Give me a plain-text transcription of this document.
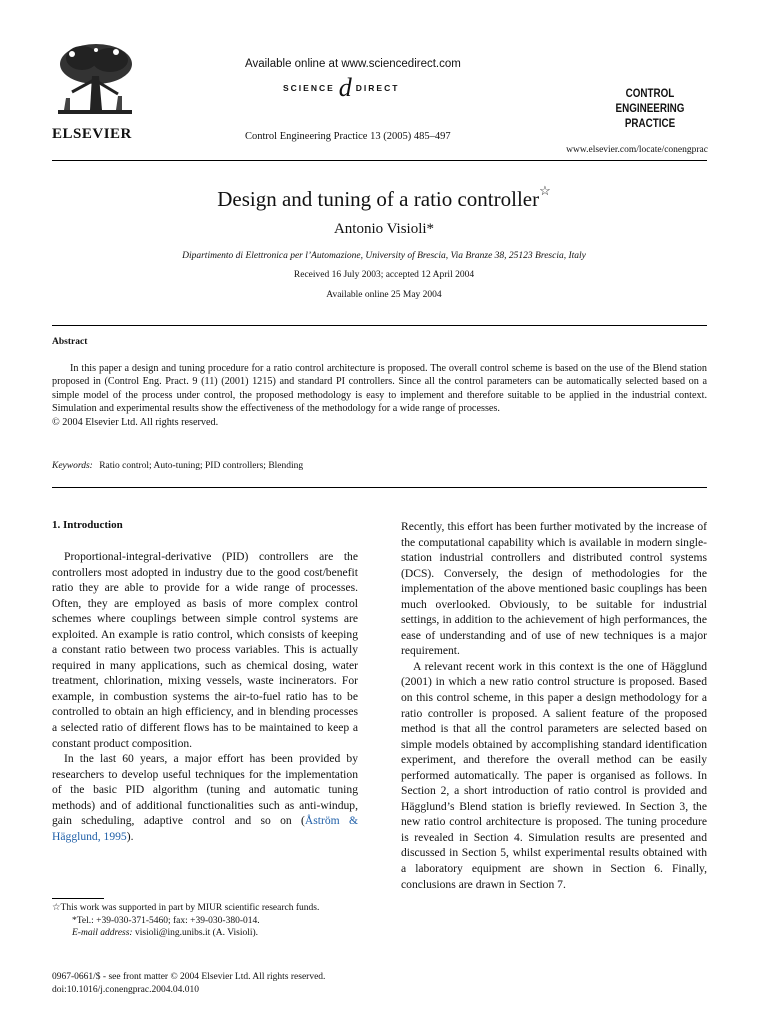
ELSEVIER
Available online at www.sciencedirect.com
SCIENCE d DIRECT
Control Engineering Practice 13 (2005) 485–497
CONTROL ENGINEERING
PRACTICE
www.elsevier.com/locate/conengprac
Design and tuning of a ratio controller☆
Antonio Visioli*
Dipartimento di Elettronica per l’Automazione, University of Brescia, Via Branze 38, 25123 Brescia, Italy
Received 16 July 2003; accepted 12 April 2004
Available online 25 May 2004
Abstract

In this paper a design and tuning procedure for a ratio control architecture is proposed. The overall control scheme is based on the use of the Blend station proposed in (Control Eng. Pract. 9 (11) (2001) 1215) and standard PI controllers. Since all the control parameters can be automatically selected based on a simple model of the process under control, the proposed methodology is easy to implement and therefore suitable to be applied in the industrial context. Simulation and experimental results show the effectiveness of the methodology for a wide range of processes.

© 2004 Elsevier Ltd. All rights reserved.

Keywords: Ratio control; Auto-tuning; PID controllers; Blending
1. Introduction

Proportional-integral-derivative (PID) controllers are the controllers most adopted in industry due to the good cost/benefit ratio they are able to provide for a wide range of processes. Often, they are employed as basis of more complex control schemes where couplings between simple control systems are exploited. An example is ratio control, which consists of keeping a constant ratio between two process variables. This is actually required in many applications, such as chemical dosing, water treatment, chlorination, mixing vessels, waste incinerators. For example, in combustion systems the air-to-fuel ratio has to be controlled to obtain an high efficiency, and in blending processes a selected ratio of different flows has to be maintained to keep a constant product composition.

In the last 60 years, a major effort has been provided by researchers to develop useful techniques for the implementation of the basic PID algorithm (tuning and automatic tuning methods) and of additional functionalities such as anti-windup, gain scheduling, adaptive control and so on (Åström & Hägglund, 1995).

Recently, this effort has been further motivated by the increase of the computational capability which is available in modern single-station industrial controllers and distributed control systems (DCS). Conversely, the design of methodologies for the implementation of the above mentioned basic couplings has been much overlooked. Obviously, to be suitable for industrial settings, in addition to the achievement of high performances, the ease of understanding and of use of new techniques is a major requirement.

A relevant recent work in this context is the one of Hägglund (2001) in which a new ratio control structure is proposed. Based on this control scheme, in this paper a design methodology for a ratio controller is proposed. A salient feature of the proposed method is that all the control parameters are selected based on simple models obtained by accomplishing standard identification experiment, and therefore the overall method can be easily performed automatically. The paper is organised as follows. In Section 2, a short introduction of ratio control is provided and Hägglund’s Blend station is briefly reviewed. In Section 3, the new ratio control architecture is proposed. The tuning procedure is revealed in Section 4. Simulation results are presented and discussed in Section 5, whilst experimental results obtained with a laboratory equipment are shown in Section 6. Finally, conclusions are drawn in Section 7.

☆This work was supported in part by MIUR scientific research funds.

*Tel.: +39-030-371-5460; fax: +39-030-380-014.

E-mail address: visioli@ing.unibs.it (A. Visioli).

0967-0661/$ - see front matter © 2004 Elsevier Ltd. All rights reserved.
doi:10.1016/j.conengprac.2004.04.010
